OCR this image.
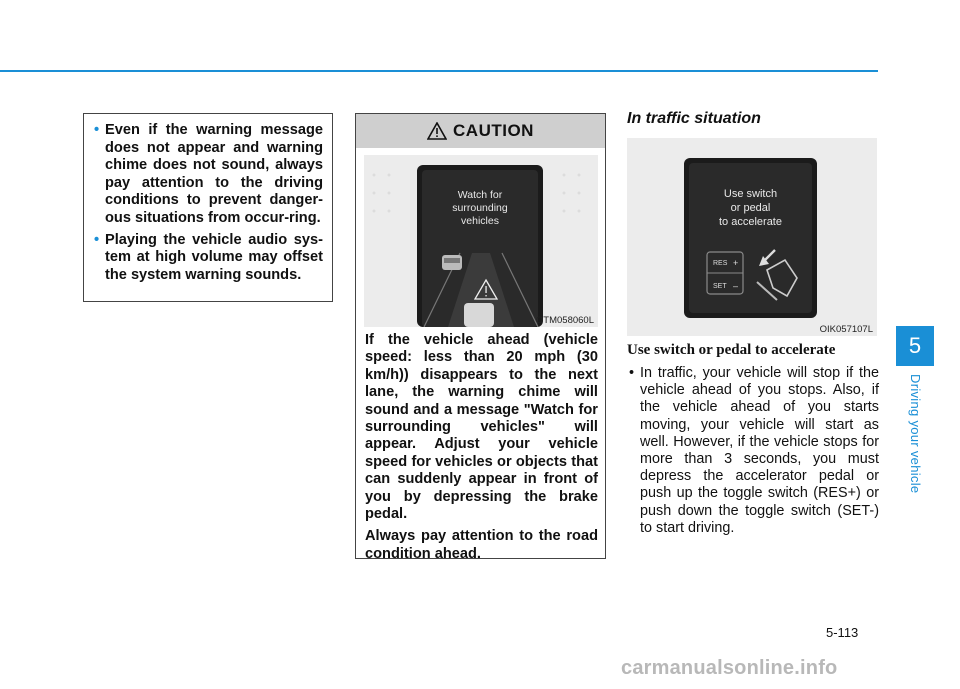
• Even if the warning message does not appear and warning chime does not sound, always pay attention to the driving conditions to prevent danger-ous situations from occur-ring.
• Playing the vehicle audio sys-tem at high volume may offset the system warning sounds.
CAUTION
Watch for
surrounding
vehicles
OTM058060L

If the vehicle ahead (vehicle speed: less than 20 mph (30 km/h)) disappears to the next lane, the warning chime will sound and a message "Watch for surrounding vehicles" will appear. Adjust your vehicle speed for vehicles or objects that can suddenly appear in front of you by depressing the brake pedal.

Always pay attention to the road condition ahead.

In traffic situation
+
–
Use switch
or pedal
to accelerate
RES
SET
OIK057107L
Use switch or pedal to accelerate
• In traffic, your vehicle will stop if the vehicle ahead of you stops. Also, if the vehicle ahead of you starts moving, your vehicle will start as well. However, if the vehicle stops for more than 3 seconds, you must depress the accelerator pedal or push up the toggle switch (RES+) or push down the toggle switch (SET-) to start driving.
5
Driving your vehicle
5-113
carmanualsonline.info
